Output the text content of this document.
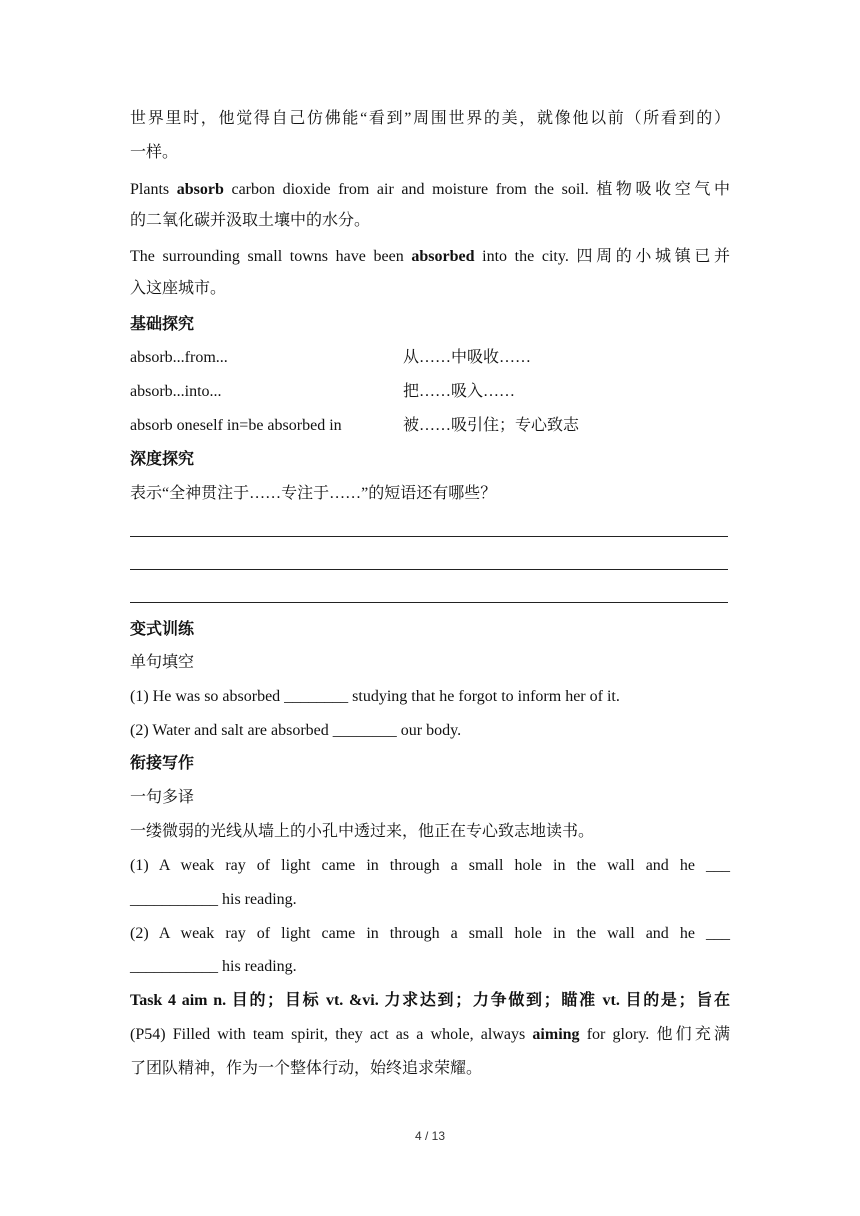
世界里时，他觉得自己仿佛能“看到”周围世界的美，就像他以前（所看到的）
一样。
Plants absorb carbon dioxide from air and moisture from the soil. 植物吸收空气中
的二氧化碳并汲取土壤中的水分。
The surrounding small towns have been absorbed into the city. 四周的小城镇已并
入这座城市。
基础探究
absorb...from...	从……中吸收……
absorb...into...	把……吸入……
absorb oneself in=be absorbed in	被……吸引住；专心致志
深度探究
表示“全神贯注于……专注于……”的短语还有哪些？
变式训练
单句填空
(1) He was so absorbed ________ studying that he forgot to inform her of it.
(2) Water and salt are absorbed ________ our body.
衔接写作
一句多译
一缕微弱的光线从墙上的小孔中透过来，他正在专心致志地读书。
(1) A weak ray of light came in through a small hole in the wall and he ___
___________ his reading.
(2) A weak ray of light came in through a small hole in the wall and he ___
___________ his reading.
Task 4 aim n. 目的；目标 vt. &vi. 力求达到；力争做到；瞄准 vt. 目的是；旨在
(P54) Filled with team spirit, they act as a whole, always aiming for glory. 他们充满
了团队精神，作为一个整体行动，始终追求荣耀。
4 / 13
